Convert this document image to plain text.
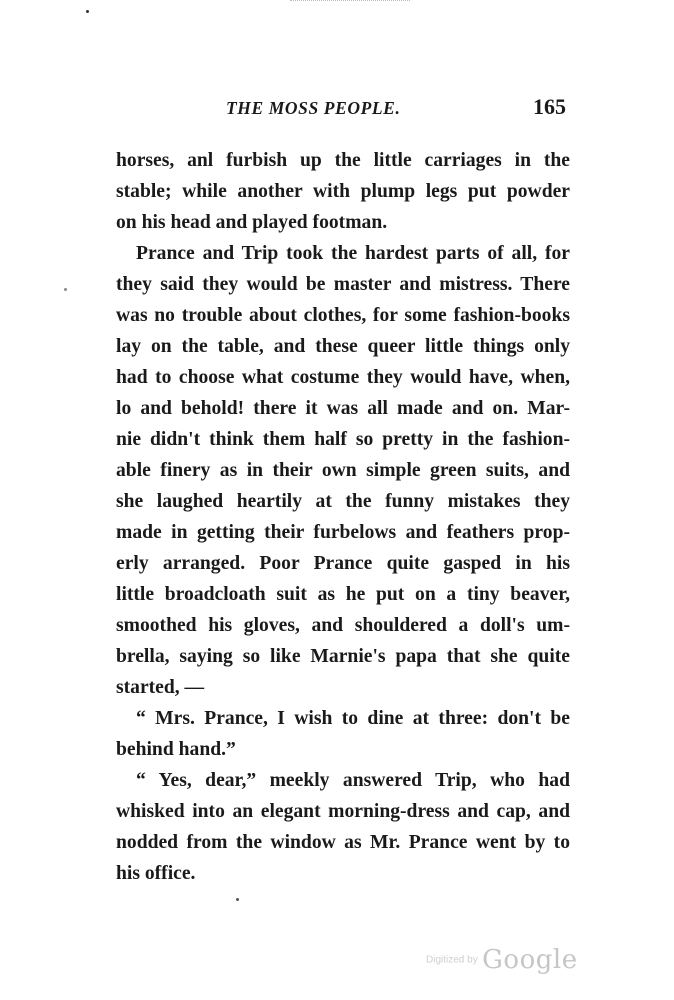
THE MOSS PEOPLE.	165
horses, anl furbish up the little carriages in the
stable; while another with plump legs put powder
on his head and played footman.
Prance and Trip took the hardest parts of all, for
they said they would be master and mistress. There
was no trouble about clothes, for some fashion-books
lay on the table, and these queer little things only
had to choose what costume they would have, when,
lo and behold! there it was all made and on. Mar-
nie didn't think them half so pretty in the fashion-
able finery as in their own simple green suits, and
she laughed heartily at the funny mistakes they
made in getting their furbelows and feathers prop-
erly arranged. Poor Prance quite gasped in his
little broadcloath suit as he put on a tiny beaver,
smoothed his gloves, and shouldered a doll's um-
brella, saying so like Marnie's papa that she quite
started, —
“ Mrs. Prance, I wish to dine at three: don't be
behind hand.”
“ Yes, dear,” meekly answered Trip, who had
whisked into an elegant morning-dress and cap, and
nodded from the window as Mr. Prance went by to
his office.
Digitized by Google
